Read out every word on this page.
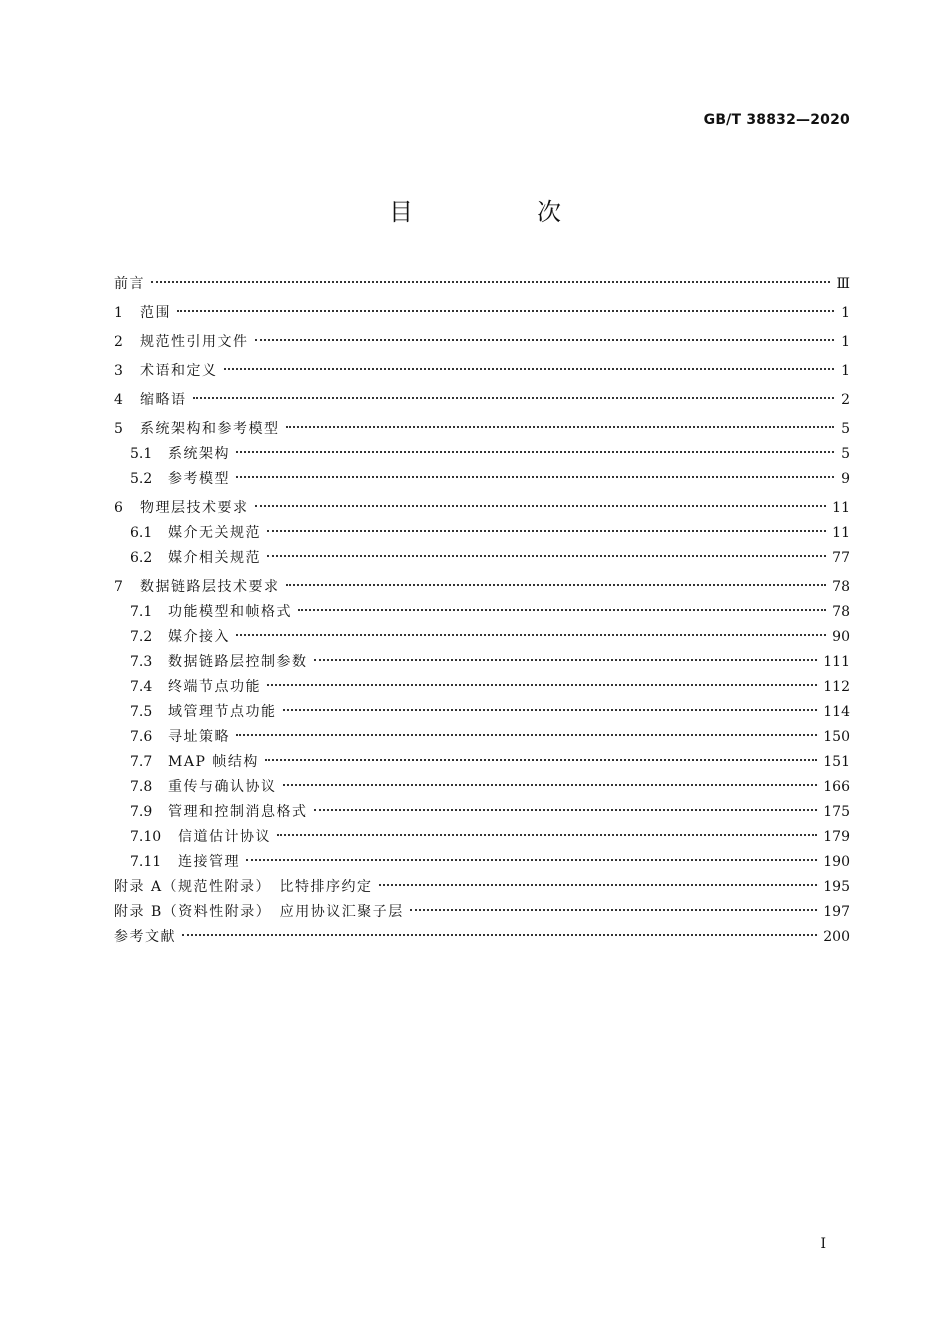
GB/T 38832—2020
目　次
前言	Ⅲ
1	范围	1
2	规范性引用文件	1
3	术语和定义	1
4	缩略语	2
5	系统架构和参考模型	5
5.1	系统架构	5
5.2	参考模型	9
6	物理层技术要求	11
6.1	媒介无关规范	11
6.2	媒介相关规范	77
7	数据链路层技术要求	78
7.1	功能模型和帧格式	78
7.2	媒介接入	90
7.3	数据链路层控制参数	111
7.4	终端节点功能	112
7.5	域管理节点功能	114
7.6	寻址策略	150
7.7	MAP 帧结构	151
7.8	重传与确认协议	166
7.9	管理和控制消息格式	175
7.10	信道估计协议	179
7.11	连接管理	190
附录 A（规范性附录）　比特排序约定	195
附录 B（资料性附录）　应用协议汇聚子层	197
参考文献	200
Ⅰ
